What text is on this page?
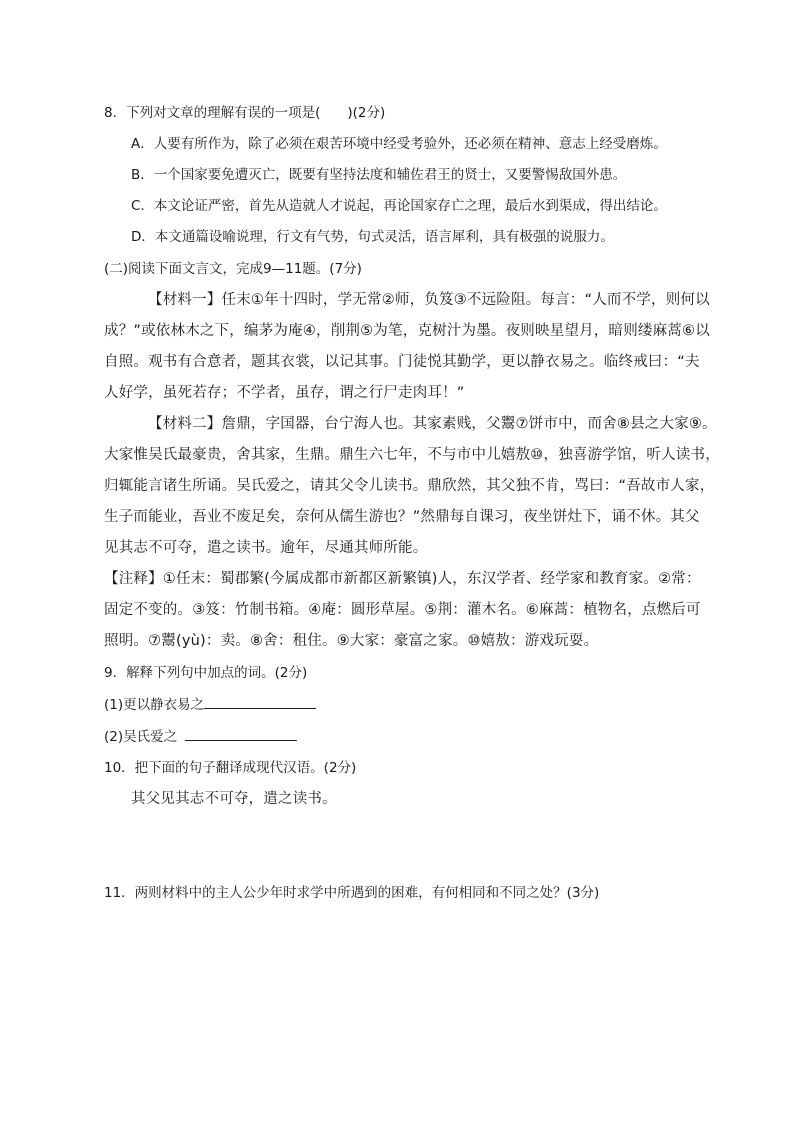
8．下列对文章的理解有误的一项是(　　)(2分)
A．人要有所作为，除了必须在艰苦环境中经受考验外，还必须在精神、意志上经受磨炼。
B．一个国家要免遭灭亡，既要有坚持法度和辅佐君王的贤士，又要警惕敌国外患。
C．本文论证严密，首先从造就人才说起，再论国家存亡之理，最后水到渠成，得出结论。
D．本文通篇设喻说理，行文有气势，句式灵活，语言犀利，具有极强的说服力。
(二)阅读下面文言文，完成9—11题。(7分)
【材料一】任末①年十四时，学无常②师，负笈③不远险阻。每言：“人而不学，则何以
成？”或依林木之下，编茅为庵④，削荆⑤为笔，克树汁为墨。夜则映星望月，暗则缕麻蒿⑥以
自照。观书有合意者，题其衣裳，以记其事。门徒悦其勤学，更以静衣易之。临终戒曰：“夫
人好学，虽死若存；不学者，虽存，谓之行尸走肉耳！”
【材料二】詹鼎，字国器，台宁海人也。其家素贱，父鬻⑦饼市中，而舍⑧县之大家⑨。
大家惟吴氏最豪贵，舍其家，生鼎。鼎生六七年，不与市中儿嬉敖⑩，独喜游学馆，听人读书，
归辄能言诸生所诵。吴氏爱之，请其父令儿读书。鼎欣然，其父独不肯，骂曰：“吾故市人家，
生子而能业，吾业不废足矣，奈何从儒生游也？”然鼎每自课习，夜坐饼灶下，诵不休。其父
见其志不可夺，遣之读书。逾年，尽通其师所能。
【注释】①任末：蜀郡繁(今属成都市新都区新繁镇)人，东汉学者、经学家和教育家。②常：
固定不变的。③笈：竹制书箱。④庵：圆形草屋。⑤荆：灌木名。⑥麻蒿：植物名，点燃后可
照明。⑦鬻(yù)：卖。⑧舍：租住。⑨大家：豪富之家。⑩嬉敖：游戏玩耍。
9．解释下列句中加点的词。(2分)
(1)更以静衣易之
(2)吴氏爱之
10．把下面的句子翻译成现代汉语。(2分)
其父见其志不可夺，遣之读书。
11．两则材料中的主人公少年时求学中所遇到的困难，有何相同和不同之处？(3分)
